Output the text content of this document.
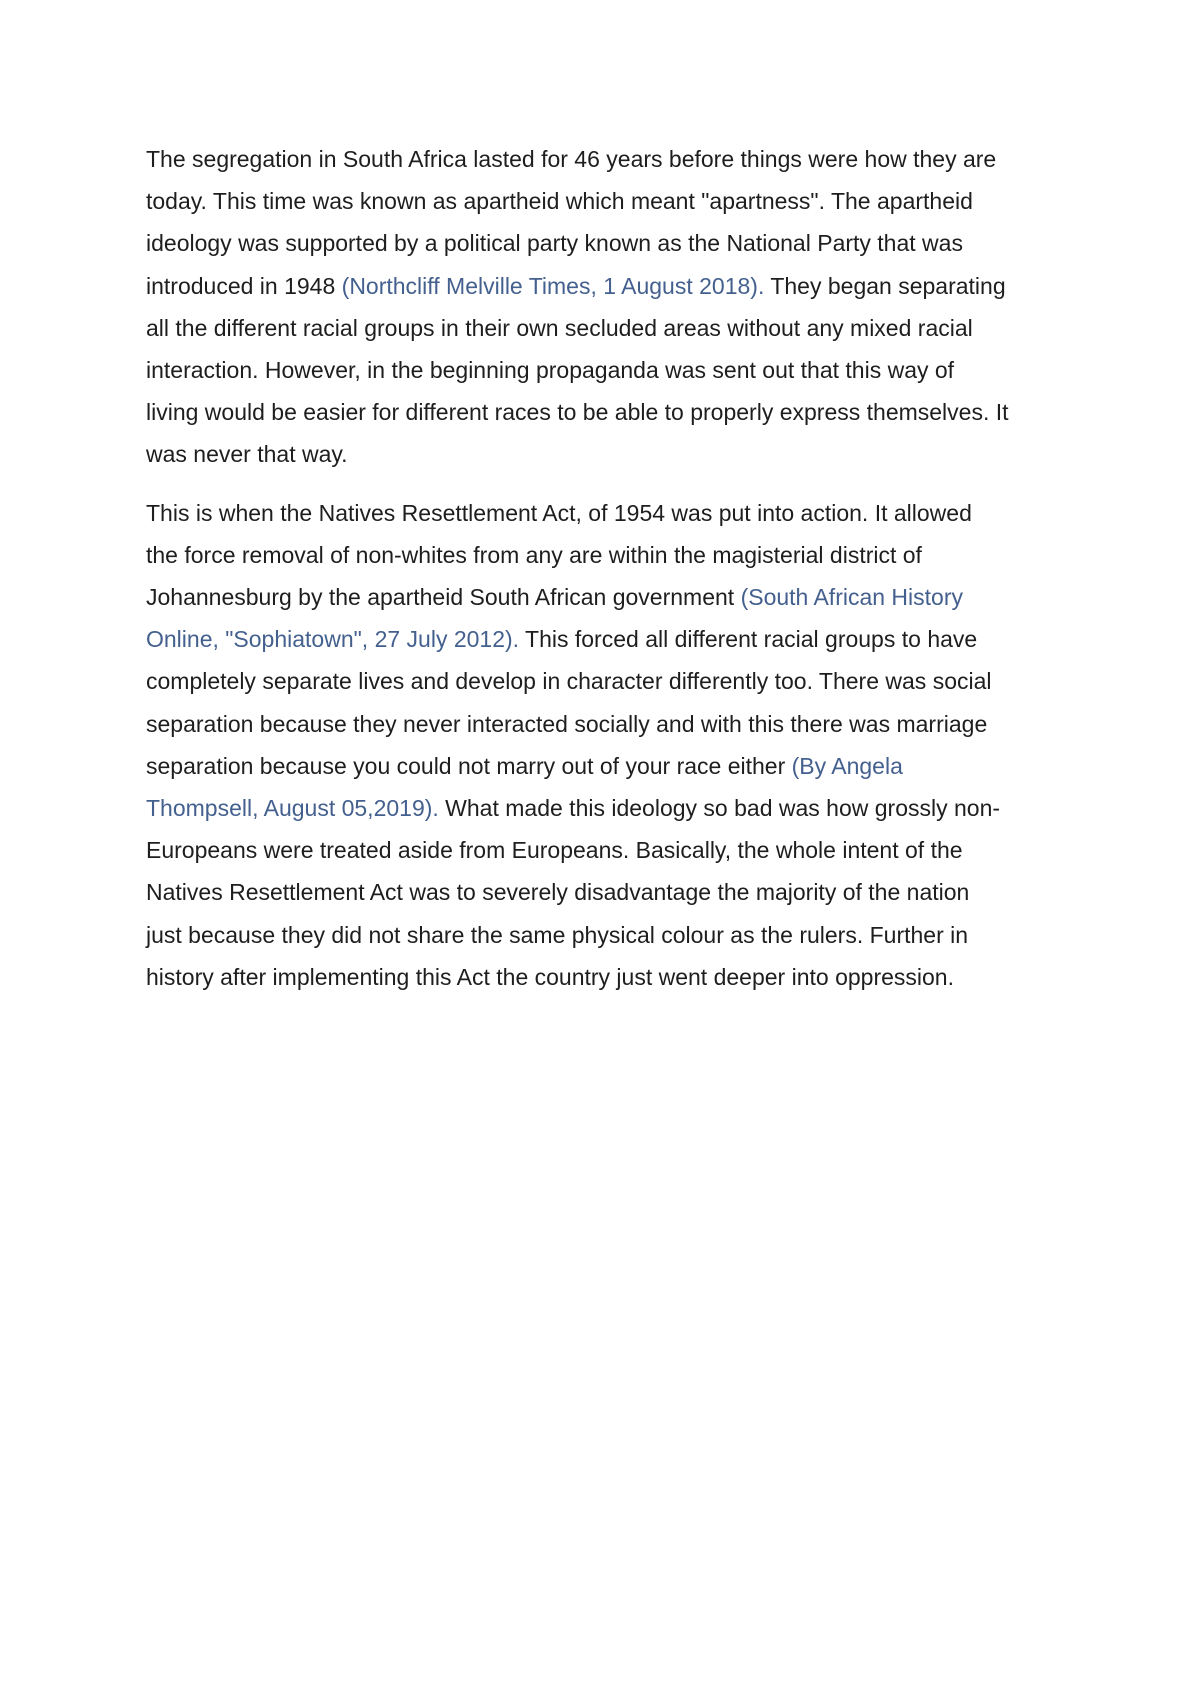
The segregation in South Africa lasted for 46 years before things were how they are
today. This time was known as apartheid which meant "apartness". The apartheid
ideology was supported by a political party known as the National Party that was
introduced in 1948 (Northcliff Melville Times, 1 August 2018). They began separating
all the different racial groups in their own secluded areas without any mixed racial
interaction. However, in the beginning propaganda was sent out that this way of
living would be easier for different races to be able to properly express themselves. It
was never that way.

This is when the Natives Resettlement Act, of 1954 was put into action. It allowed
the force removal of non-whites from any are within the magisterial district of
Johannesburg by the apartheid South African government (South African History
Online, "Sophiatown", 27 July 2012). This forced all different racial groups to have
completely separate lives and develop in character differently too. There was social
separation because they never interacted socially and with this there was marriage
separation because you could not marry out of your race either (By Angela
Thompsell, August 05,2019). What made this ideology so bad was how grossly non-
Europeans were treated aside from Europeans. Basically, the whole intent of the
Natives Resettlement Act was to severely disadvantage the majority of the nation
just because they did not share the same physical colour as the rulers. Further in
history after implementing this Act the country just went deeper into oppression.
